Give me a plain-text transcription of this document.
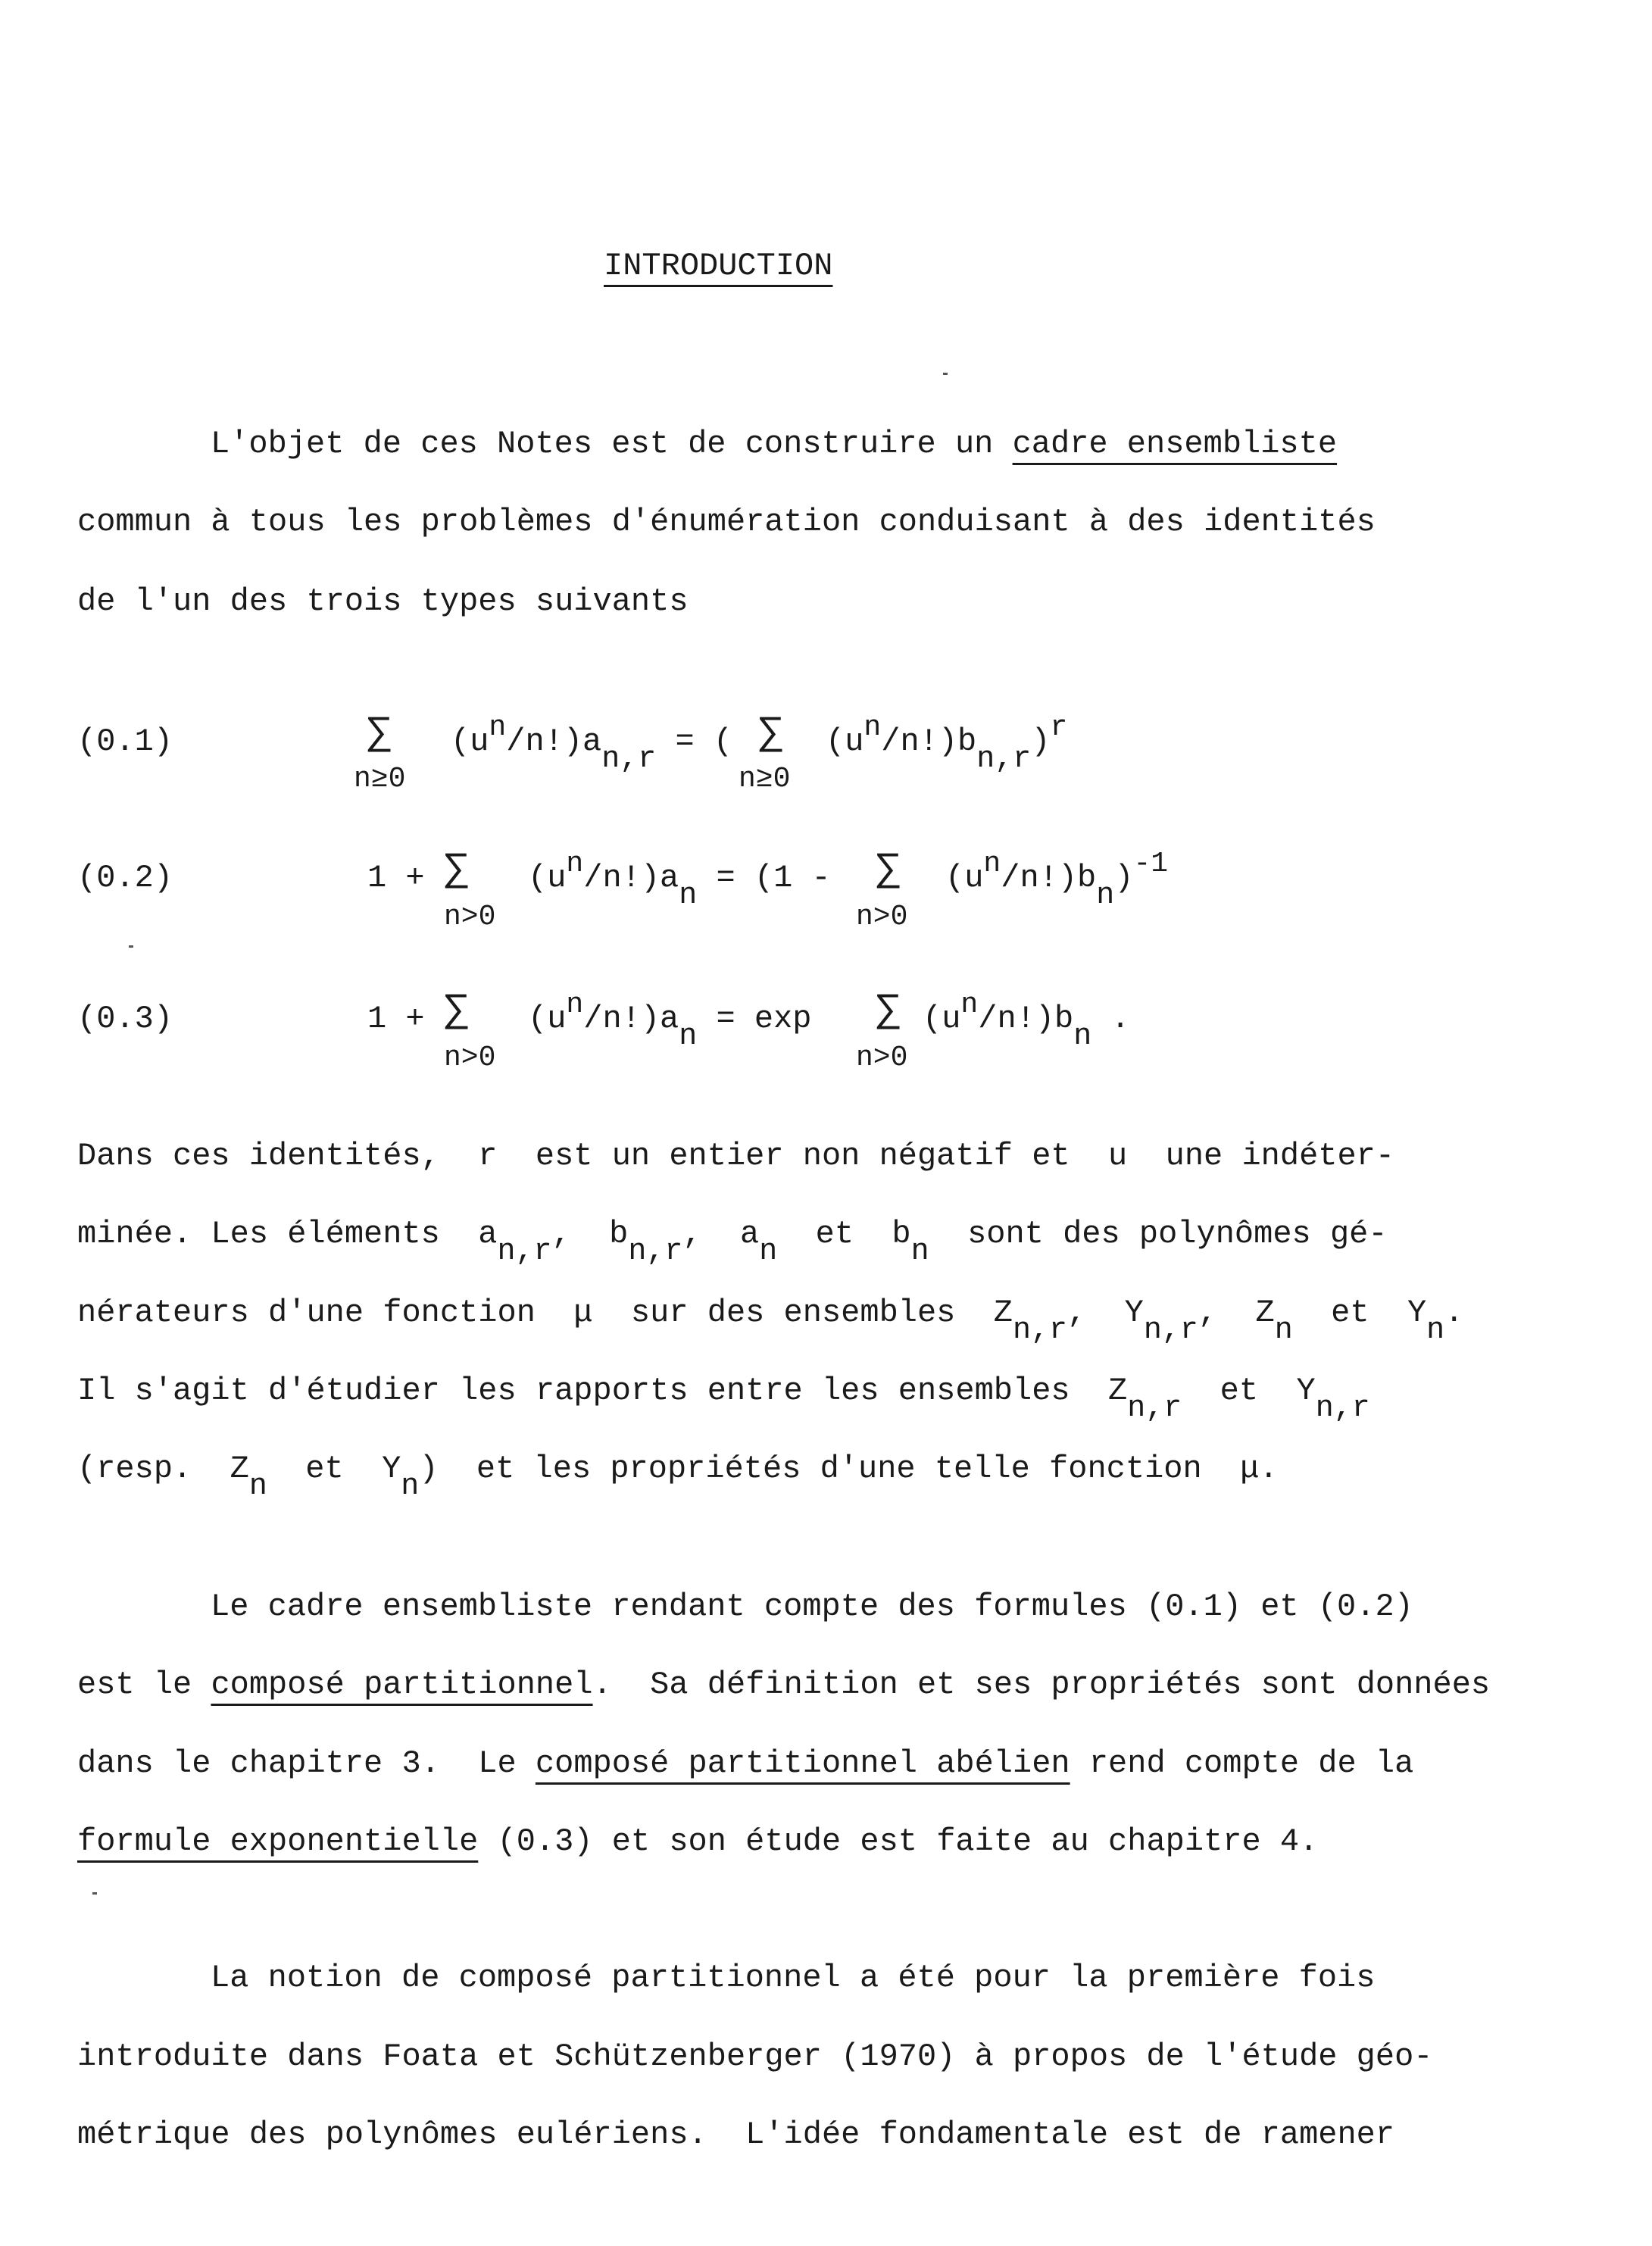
INTRODUCTION
L'objet de ces Notes est de construire un cadre ensembliste
commun à tous les problèmes d'énumération conduisant à des identités
de l'un des trois types suivants
(0.1)	∑
n≥0
(un/n!)an,r = ( ∑
n≥0
(un/n!)bn,r)r
(0.2)	1 + ∑
n>0
(un/n!)an = (1 - ∑
n>0
(un/n!)bn)-1
(0.3)	1 + ∑
n>0
(un/n!)an = exp ∑
n>0
(un/n!)bn .
Dans ces identités,  r  est un entier non négatif et  u  une indéter-
minée. Les éléments  an,r,  bn,r,  an  et  bn  sont des polynômes gé-
nérateurs d'une fonction  μ  sur des ensembles  Zn,r,  Yn,r,  Zn  et  Yn.
Il s'agit d'étudier les rapports entre les ensembles  Zn,r  et  Yn,r
(resp.  Zn  et  Yn)  et les propriétés d'une telle fonction  μ.
Le cadre ensembliste rendant compte des formules (0.1) et (0.2)
est le composé partitionnel.  Sa définition et ses propriétés sont données
dans le chapitre 3.  Le composé partitionnel abélien rend compte de la
formule exponentielle (0.3) et son étude est faite au chapitre 4.
La notion de composé partitionnel a été pour la première fois
introduite dans Foata et Schützenberger (1970) à propos de l'étude géo-
métrique des polynômes eulériens.  L'idée fondamentale est de ramener
